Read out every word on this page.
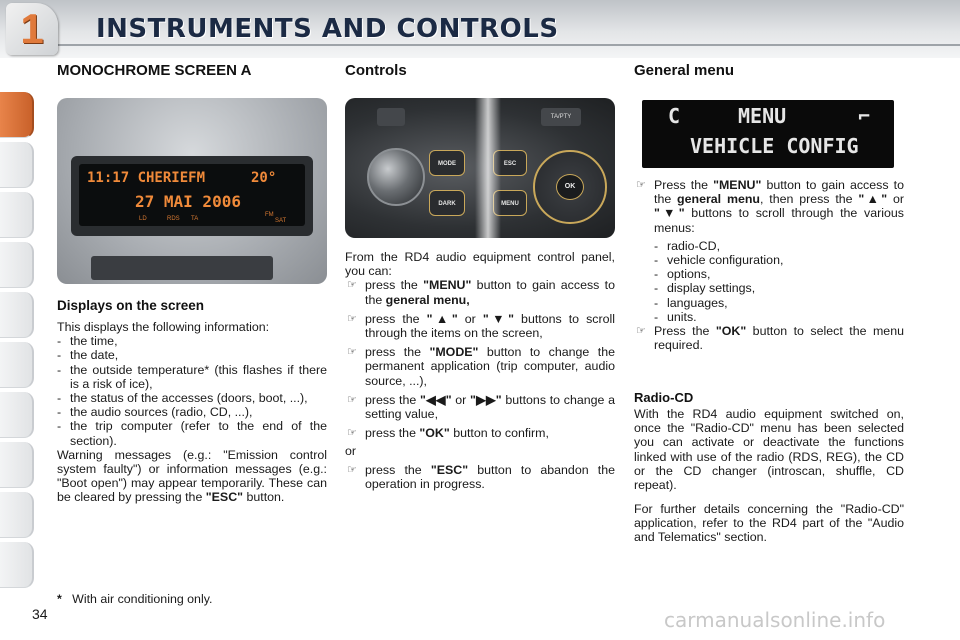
1	INSTRUMENTS AND CONTROLS
MONOCHROME SCREEN A
11:17 CHERIEFM	20°
27 MAI 2006
LD	RDS TA
FM
SAT
Displays on the screen
This displays the following information:
- the time,
- the date,
- the outside temperature* (this flashes if there is a risk of ice),
- the status of the accesses (doors, boot, ...),
- the audio sources (radio, CD, ...),
- the trip computer (refer to the end of the section).
Warning messages (e.g.: "Emission control system faulty") or information messages (e.g.: "Boot open") may appear temporarily. These can be cleared by pressing the "ESC" button.
* With air conditioning only.
34
Controls
TA/PTY
MODE
DARK
ESC
MENU
OK
From the RD4 audio equipment control panel, you can:
☞ press the "MENU" button to gain access to the general menu,
☞ press the "▲" or "▼" buttons to scroll through the items on the screen,
☞ press the "MODE" button to change the permanent application (trip computer, audio source, ...),
☞ press the "◀◀" or "▶▶" buttons to change a setting value,
☞ press the "OK" button to confirm,
or
☞ press the "ESC" button to abandon the operation in progress.
General menu
C	MENU	⌐
VEHICLE CONFIG
☞ Press the "MENU" button to gain access to the general menu, then press the "▲" or "▼" buttons to scroll through the various menus:
- radio-CD,
- vehicle configuration,
- options,
- display settings,
- languages,
- units.
☞ Press the "OK" button to select the menu required.
Radio-CD
With the RD4 audio equipment switched on, once the "Radio-CD" menu has been selected you can activate or deactivate the functions linked with use of the radio (RDS, REG), the CD or the CD changer (introscan, shuffle, CD repeat).
For further details concerning the "Radio-CD" application, refer to the RD4 part of the "Audio and Telematics" section.
carmanualsonline.info
